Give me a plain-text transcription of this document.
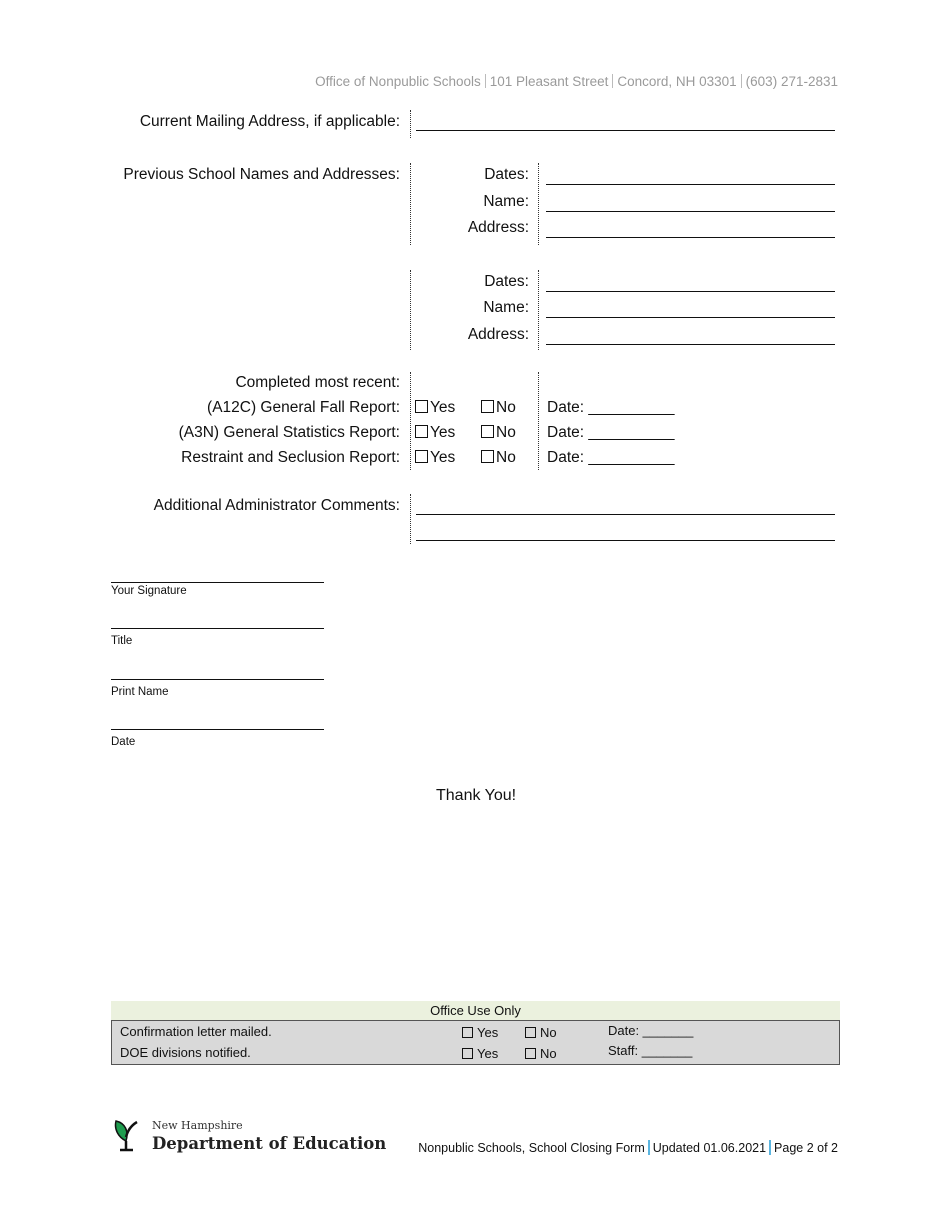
Office of Nonpublic Schools 101 Pleasant Street Concord, NH 03301 (603) 271-2831
Current Mailing Address, if applicable:
Previous School Names and Addresses:	Dates:
Name:
Address:
Dates:
Name:
Address:
Completed most recent:
(A12C) General Fall Report:	Yes	No Date: __________
(A3N) General Statistics Report:	Yes	No Date: __________
Restraint and Seclusion Report:	Yes	No Date: __________
Additional Administrator Comments:
Your Signature
Title
Print Name
Date
Thank You!
Office Use Only
Confirmation letter mailed.	Yes	No	Date: _______
DOE divisions notified.	Yes	No	Staff: _______
New Hampshire
Department of Education	Nonpublic Schools, School Closing Form Updated 01.06.2021 Page 2 of 2
